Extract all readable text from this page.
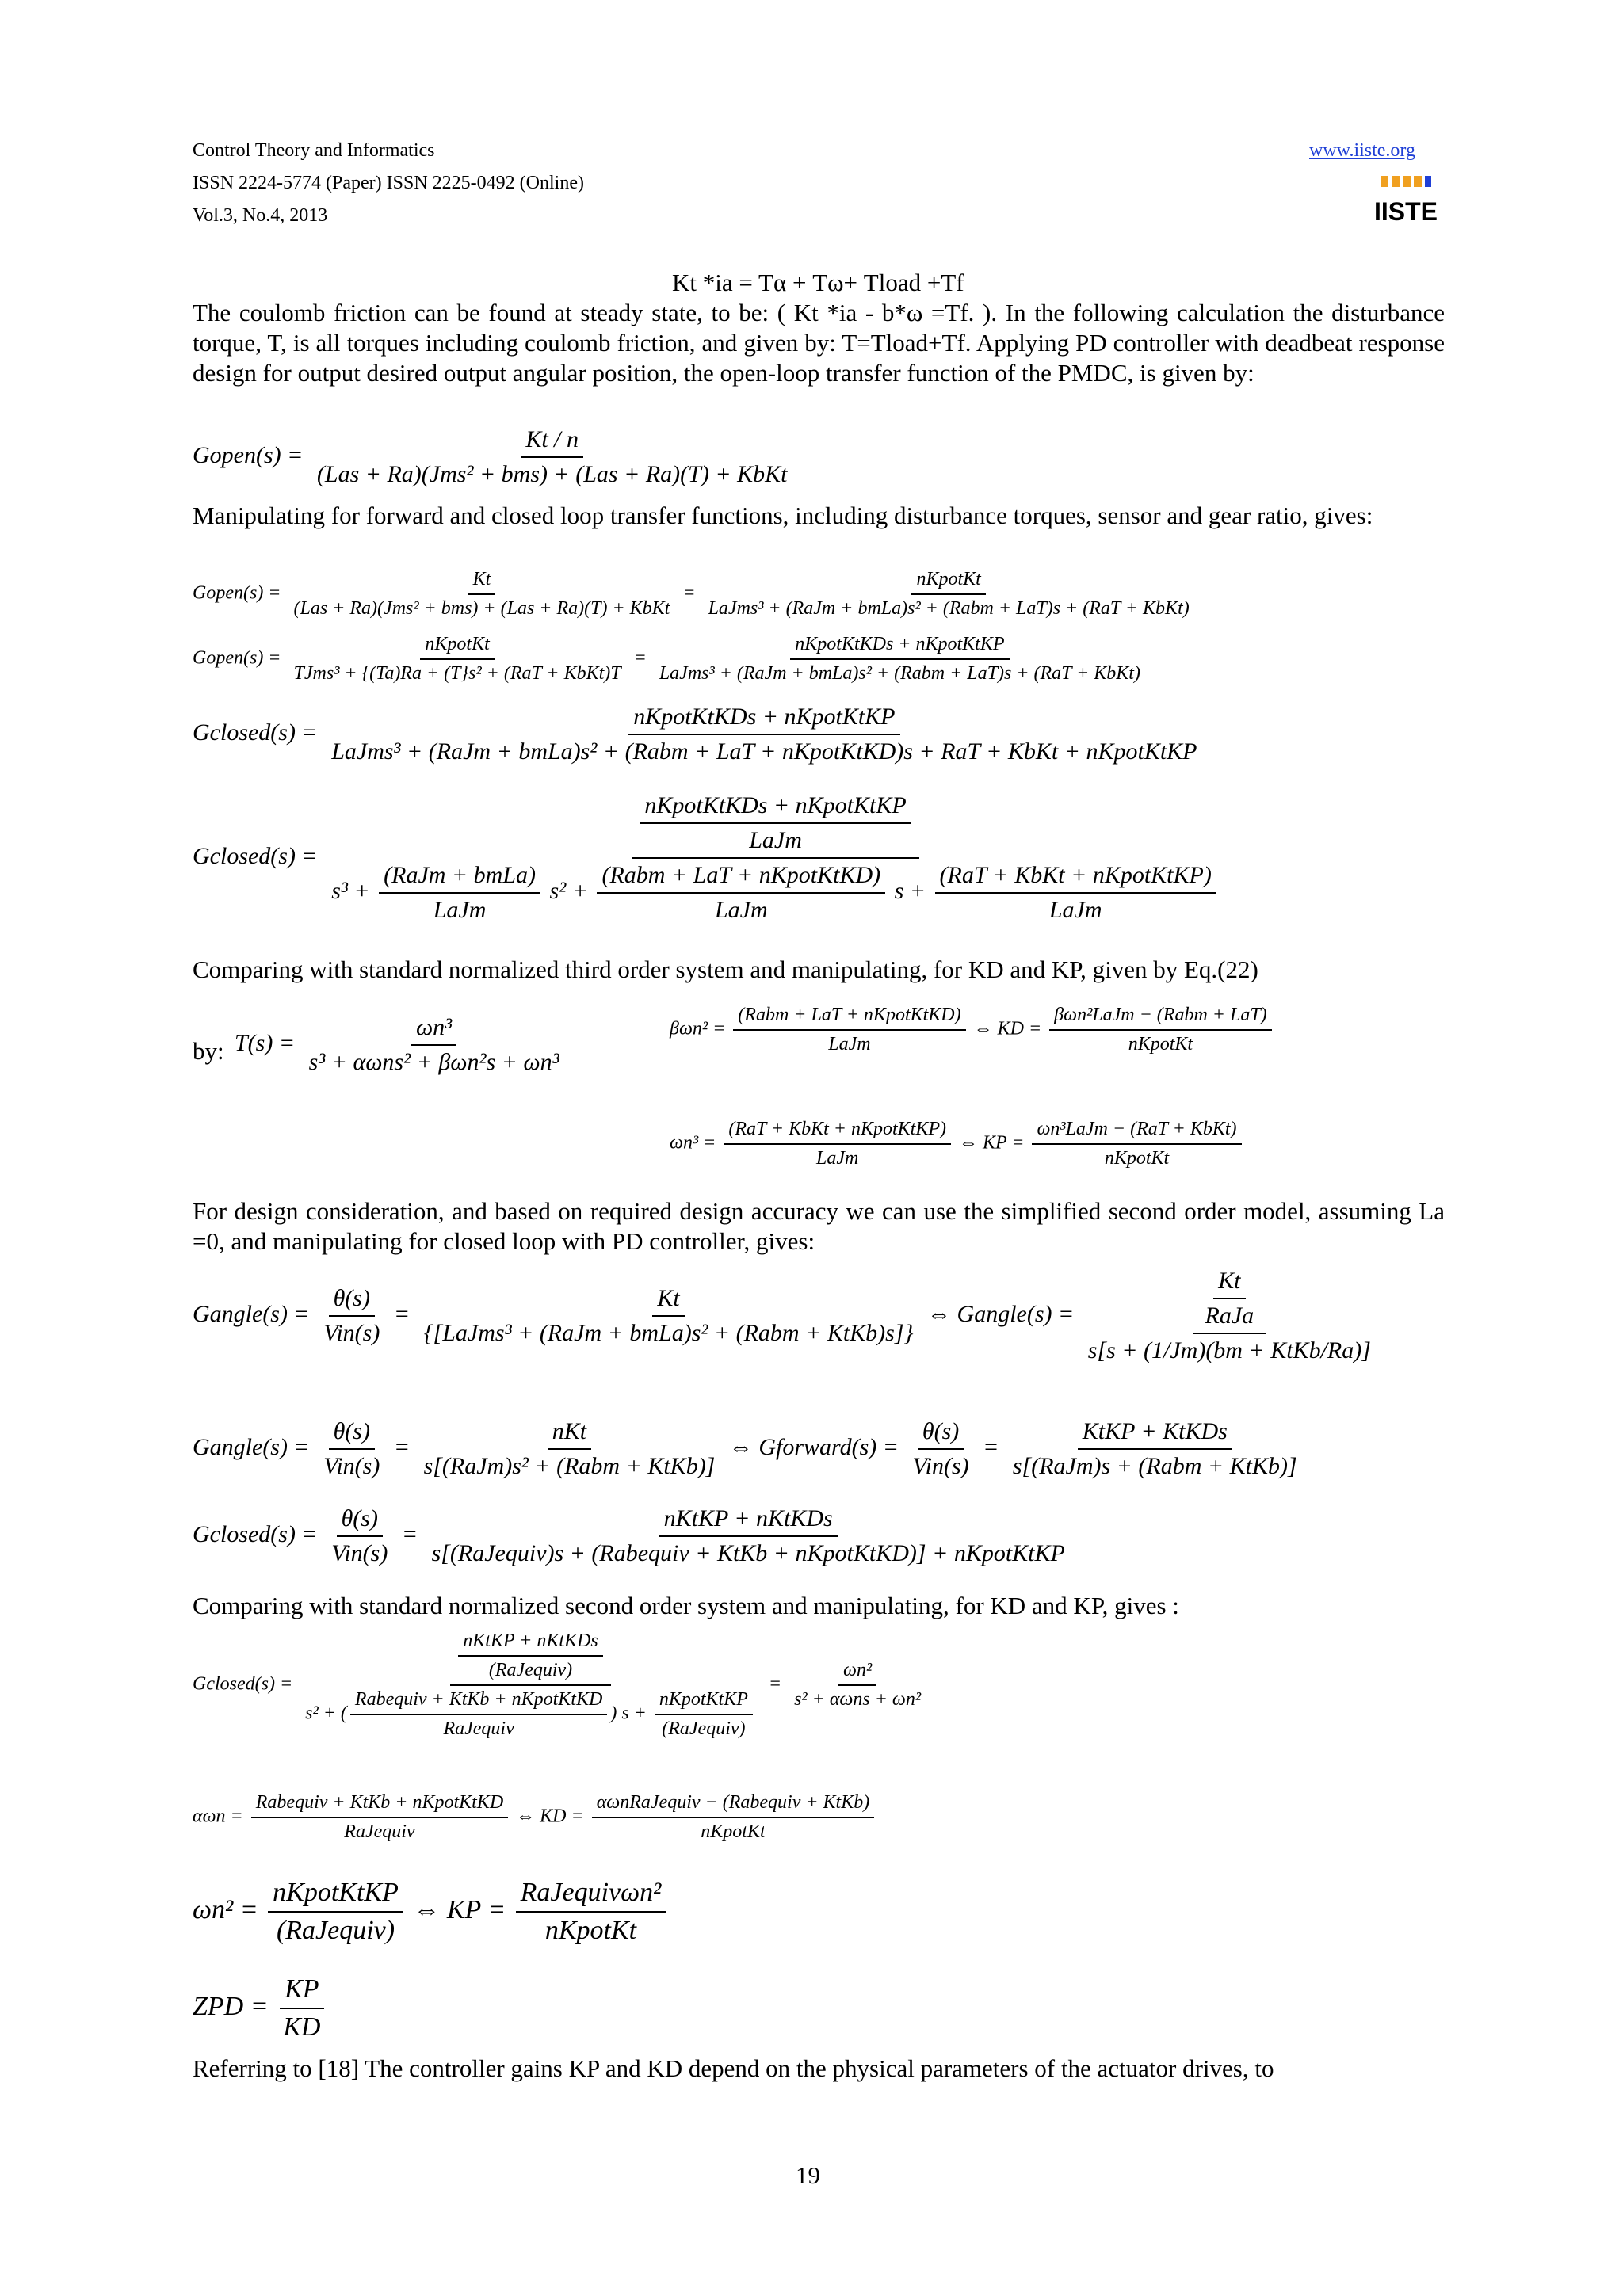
Control Theory and Informatics
ISSN 2224-5774 (Paper) ISSN 2225-0492 (Online)
Vol.3, No.4, 2013
www.iiste.org
IISTE
Kt *ia = Tα + Tω+ Tload +Tf
The coulomb friction can be found at steady state, to be: ( Kt *ia - b*ω =Tf. ). In the following calculation the disturbance torque, T, is all torques including coulomb friction, and given by: T=Tload+Tf. Applying PD controller with deadbeat response design for output desired output angular position, the open-loop transfer function of the PMDC, is given by:
Gopen(s) = $\frac{Kt / n}{\text{(Las + Ra)(Jms² + bms) + (Las + Ra)(T) + KbKt}}$
Manipulating for forward and closed loop transfer functions, including disturbance torques, sensor and gear ratio, gives:
Gopen(s) = $\frac{Kt}{\text{(Las + Ra)(Jms² + bms) + (Las + Ra)(T) + KbKt}} = \frac{\text{nKpotKt}}{\text{LaJms³ + (RaJm + bmLa)s² + (Rabm + LaT)s + (RaT + KbKt)}}$
Gopen(s) = $\frac{\text{nKpotKt}}{\text{TJms³ + \{(Ta)Ra + (T\}s² + (RaT + KbKt)T}} = \frac{\text{nKpotKtKDs + nKpotKtKP}}{\text{LaJms³ + (RaJm + bmLa)s² + (Rabm + LaT)s + (RaT + KbKt)}}$
Gclosed(s) =
nKpotKtKDs + nKpotKtKP
LaJms³ + (RaJm + bmLa)s² + (Rabm + LaT + nKpotKtKD)s + RaT + KbKt + nKpotKtKP
Gclosed(s) =
$\frac{\text{nKpotKtKDs + nKpotKtKP}}{\text{LaJm}}$
$s^3 + \frac{\text{(RaJm + bmLa)}}{\text{LaJm}} s^2 + \frac{\text{(Rabm + LaT + nKpotKtKD)}}{\text{LaJm}}$ $s + \frac{\text{(RaT + KbKt + nKpotKtKP)}}{\text{LaJm}}$
Comparing with standard normalized third order system and manipulating, for KD and KP, given by Eq.(22)
by: $T(s) = \frac{\text{ωn³}}{\text{s³ + αωns² + βωn²s + ωn³}}$	$\beta\omega n^2 = \frac{\text{(Rabm + LaT + nKpotKtKD)}}{\text{LaJm}}$ ⇔ KD = $\frac{\text{βωn²LaJm − (Rabm + LaT)}}{\text{nKpotKt}}$
$\omega n^3 = \frac{\text{(RaT + KbKt + nKpotKtKP)}}{\text{LaJm}}$ ⇔ KP = $\frac{\text{ωn³LaJm − (RaT + KbKt)}}{\text{nKpotKt}}$
For design consideration, and based on required design accuracy we can use the simplified second order model, assuming La =0, and manipulating for closed loop with PD controller, gives:
Gangle(s) = $\frac{\theta(s)}{\text{Vin(s)}} = \frac{Kt}{\text{\{[LaJms³ + (RaJm + bmLa)s² + (Rabm + KtKb)s]\}}}$ ⇔ Gangle(s) = $\frac{\frac{Kt}{\text{RaJa}}}{\text{s[s + (1/Jm)(bm + KtKb/Ra)]}}$
Gangle(s) = $\frac{\theta(s)}{\text{Vin(s)}} = \frac{\text{nKt}}{\text{s[(RaJm)s² + (Rabm + KtKb)]}}$ ⇔ Gforward(s) = $\frac{\theta(s)}{\text{Vin(s)}} = \frac{\text{KtKP + KtKDs}}{\text{s[(RaJm)s + (Rabm + KtKb)]}}$
Gclosed(s) = $\frac{\theta(s)}{\text{Vin(s)}} = \frac{\text{nKtKP + nKtKDs}}{\text{s[(RaJequiv)s + (Rabequiv + KtKb + nKpotKtKD)] + nKpotKtKP}}$
Comparing with standard normalized second order system and manipulating, for KD and KP, gives :
Gclosed(s) =
$\frac{\text{nKtKP + nKtKDs}}{\text{(RaJequiv)}}$
s² + ( $\frac{\text{Rabequiv + KtKb + nKpotKtKD}}{\text{RaJequiv}}$ ) $s + \frac{\text{nKpotKtKP}}{\text{(RaJequiv)}}$
= $\frac{\text{ωn²}}{\text{s² + αωns + ωn²}}$
$\alpha\omega n = \frac{\text{Rabequiv + KtKb + nKpotKtKD}}{\text{RaJequiv}}$ ⇔ KD = $\frac{\text{αωnRaJequiv − (Rabequiv + KtKb)}}{\text{nKpotKt}}$
$\omega n^2 = \frac{\text{nKpotKtKP}}{\text{(RaJequiv)}}$ ⇔ KP = $\frac{\text{RaJequivωn²}}{\text{nKpotKt}}$
ZPD = $\frac{KP}{KD}$
Referring to [18] The controller gains KP and KD depend on the physical parameters of the actuator drives, to
19
